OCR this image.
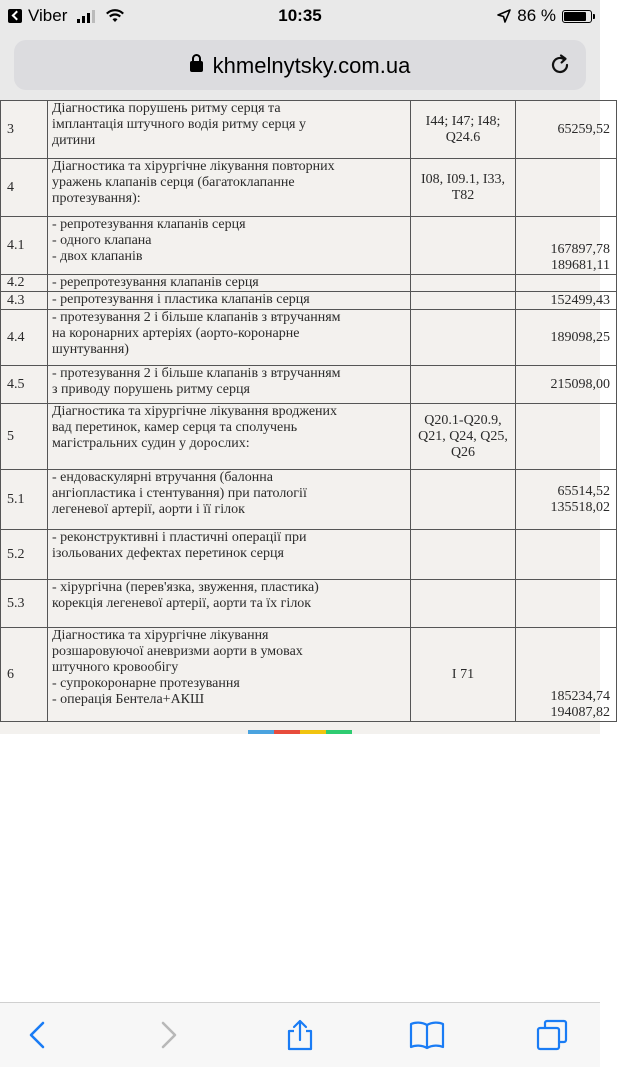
Viber	10:35	86 %
khmelnytsky.com.ua
3	Діагностика порушень ритму серця та
імплантація штучного водія ритму серця у
дитини	I44; I47; I48;
Q24.6	65259,52

4	Діагностика та хірургічне лікування повторних
уражень клапанів серця (багатоклапанне
протезування):	I08, I09.1, I33,
T82	

4.1	- репротезування клапанів серця
- одного клапана
- двох клапанів		167897,78
189681,11

4.2	- ререпротезування клапанів серця		

4.3	- репротезування і пластика клапанів серця		152499,43

4.4	- протезування 2 і більше клапанів з втручанням
на коронарних артеріях (аорто-коронарне
шунтування)		189098,25

4.5	- протезування 2 і більше клапанів з втручанням
з приводу порушень ритму серця		215098,00

5	Діагностика та хірургічне лікування вроджених
вад перетинок, камер серця та сполучень
магістральних судин у дорослих:	Q20.1-Q20.9,
Q21, Q24, Q25,
Q26	

5.1	- ендоваскулярні втручання (балонна
ангіопластика і стентування) при патології
легеневої артерії, аорти і її гілок		65514,52
135518,02

5.2	- реконструктивні і пластичні операції при
ізольованих дефектах перетинок серця		

5.3	- хірургічна (перев'язка, звуження, пластика)
корекція легеневої артерії, аорти та їх гілок		

6	Діагностика та хірургічне лікування
розшаровуючої аневризми аорти в умовах
штучного кровообігу
- супрокоронарне протезування
- операція Бентела+АКШ	I 71	185234,74
194087,82
